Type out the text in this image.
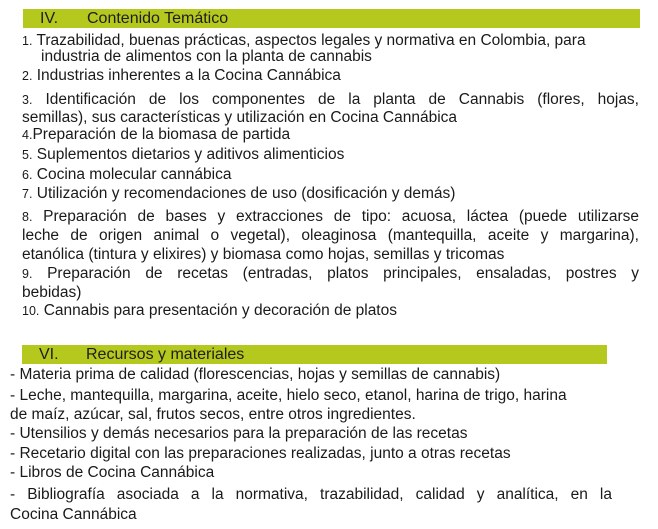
IV. Contenido Temático
1. Trazabilidad, buenas prácticas, aspectos legales y normativa en Colombia, para
industria de alimentos con la planta de cannabis
2. Industrias inherentes a la Cocina Cannábica
3. Identificación de los componentes de la planta de Cannabis (flores, hojas,
semillas), sus características y utilización en Cocina Cannábica
4.Preparación de la biomasa de partida
5. Suplementos dietarios y aditivos alimenticios
6. Cocina molecular cannábica
7. Utilización y recomendaciones de uso (dosificación y demás)
8. Preparación de bases y extracciones de tipo: acuosa, láctea (puede utilizarse
leche de origen animal o vegetal), oleaginosa (mantequilla, aceite y margarina),
etanólica (tintura y elixires) y biomasa como hojas, semillas y tricomas
9. Preparación de recetas (entradas, platos principales, ensaladas, postres y
bebidas)
10. Cannabis para presentación y decoración de platos
VI. Recursos y materiales
- Materia prima de calidad (florescencias, hojas y semillas de cannabis)
- Leche, mantequilla, margarina, aceite, hielo seco, etanol, harina de trigo, harina
de maíz, azúcar, sal, frutos secos, entre otros ingredientes.
- Utensilios y demás necesarios para la preparación de las recetas
- Recetario digital con las preparaciones realizadas, junto a otras recetas
- Libros de Cocina Cannábica
- Bibliografía asociada a la normativa, trazabilidad, calidad y analítica, en la
Cocina Cannábica
